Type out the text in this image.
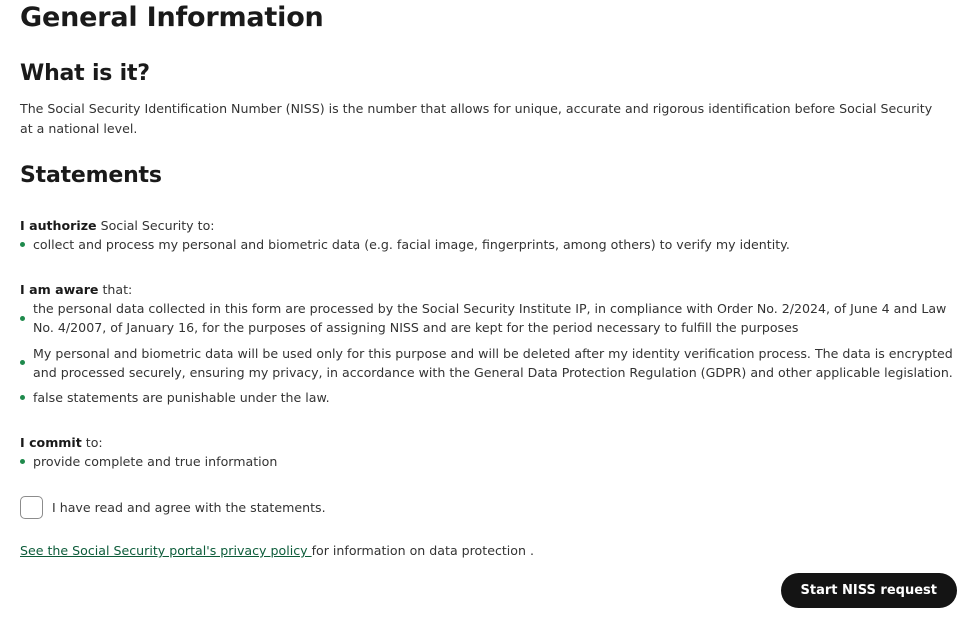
General Information
What is it?

The Social Security Identification Number (NISS) is the number that allows for unique, accurate and rigorous identification before Social Security at a national level.

Statements
I authorize Social Security to:
collect and process my personal and biometric data (e.g. facial image, fingerprints, among others) to verify my identity.
I am aware that:
the personal data collected in this form are processed by the Social Security Institute IP, in compliance with Order No. 2/2024, of June 4 and Law No. 4/2007, of January 16, for the purposes of assigning NISS and are kept for the period necessary to fulfill the purposes
My personal and biometric data will be used only for this purpose and will be deleted after my identity verification process. The data is encrypted and processed securely, ensuring my privacy, in accordance with the General Data Protection Regulation (GDPR) and other applicable legislation.
false statements are punishable under the law.
I commit to:
provide complete and true information
I have read and agree with the statements.

See the Social Security portal's privacy policy for information on data protection .

Start NISS request
